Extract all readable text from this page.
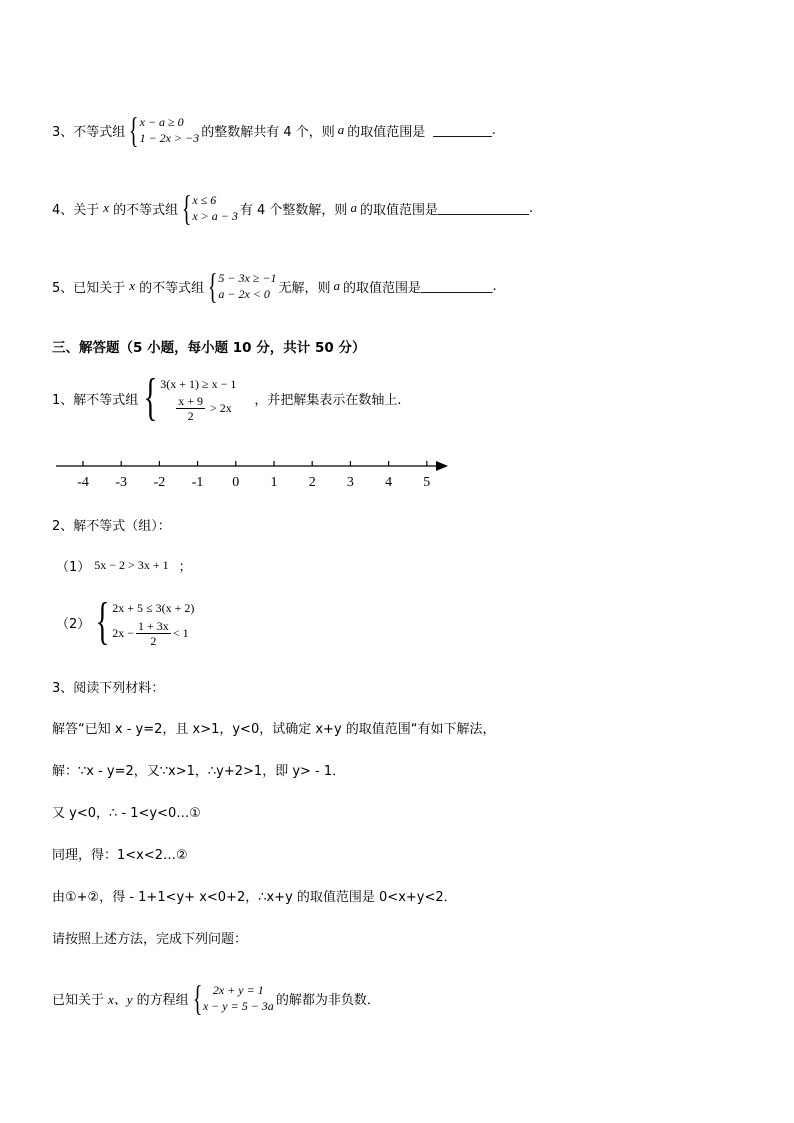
3、不等式组 { x − a ≥ 0
1 − 2x > −3 的整数解共有 4 个，则 a 的取值范围是 _________ .
4、关于 x 的不等式组 { x ≤ 6
x > a − 3 有 4 个整数解，则 a 的取值范围是 ______________ .
5、已知关于 x 的不等式组 { 5 − 3x ≥ −1
a − 2x < 0 无解，则 a 的取值范围是 ___________ .
三、解答题（5 小题，每小题 10 分，共计 50 分）
1、解不等式组 { 3(x + 1) ≥ x − 1
$\frac{x + 9}{2} > 2x$ ，并把解集表示在数轴上.
-4 -3 -2 -1 0 1 2 3 4 5
2、解不等式（组）：
（1） 5x − 2 > 3x + 1 ；
（2） { 2x + 5 ≤ 3(x + 2)
$2x - \frac{1 + 3x}{2} < 1$
3、阅读下列材料：
解答“已知 x - y=2，且 x>1，y<0，试确定 x+y 的取值范围“有如下解法，
解：∵x - y=2，又∵x>1，∴y+2>1，即 y> - 1．
又 y<0，∴ - 1<y<0…①
同理，得：1<x<2…②
由①+②，得 - 1+1<y+ x<0+2，∴x+y 的取值范围是 0<x+y<2．
请按照上述方法，完成下列问题：
已知关于 x、y 的方程组 { 2x + y = 1
x − y = 5 − 3a 的解都为非负数．
